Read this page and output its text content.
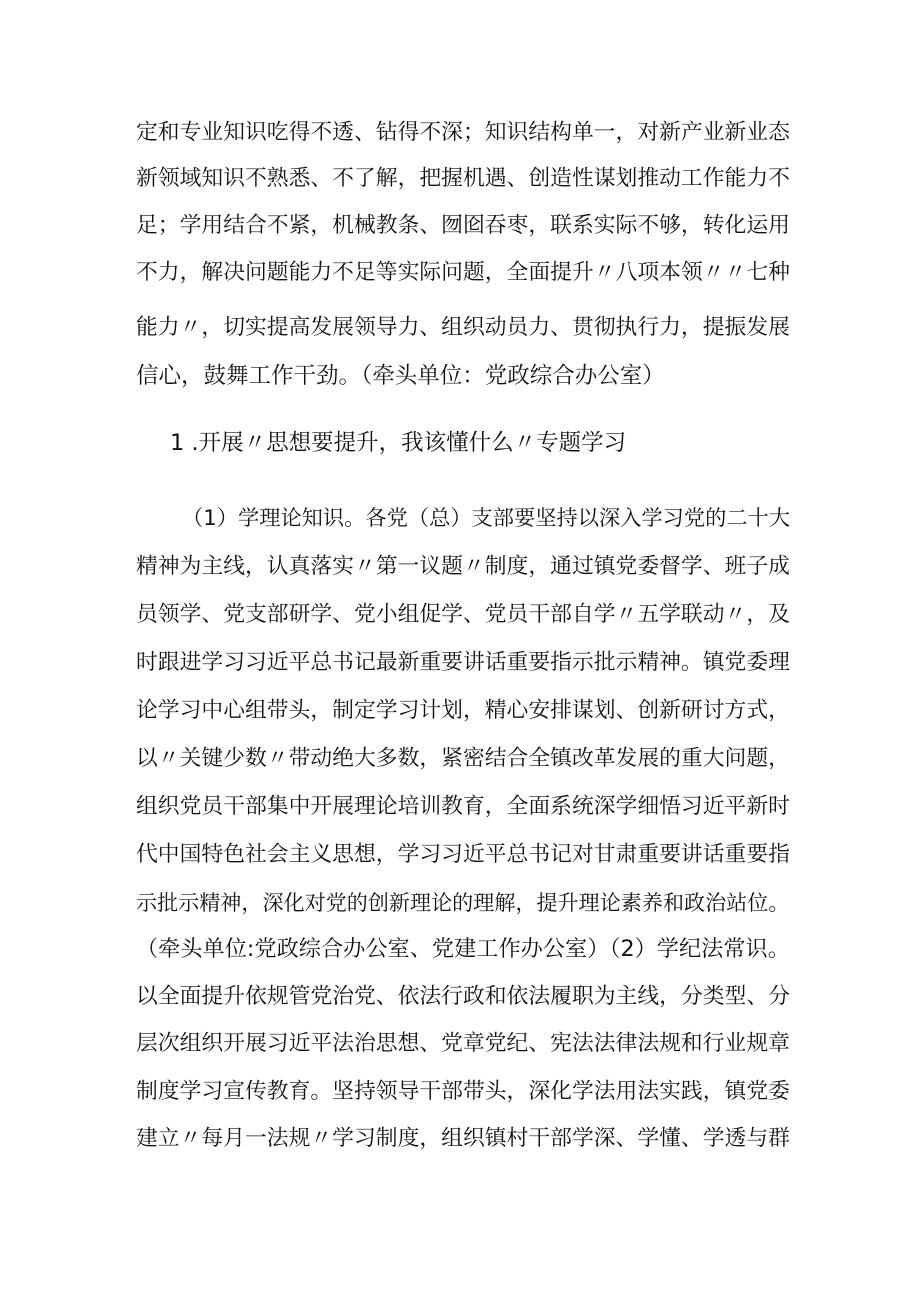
定和专业知识吃得不透、钻得不深；知识结构单一，对新产业新业态
新领域知识不熟悉、不了解，把握机遇、创造性谋划推动工作能力不
足；学用结合不紧，机械教条、囫囵吞枣，联系实际不够，转化运用
不力，解决问题能力不足等实际问题，全面提升〃八项本领〃〃七种
能力〃，切实提高发展领导力、组织动员力、贯彻执行力，提振发展
信心，鼓舞工作干劲。（牵头单位：党政综合办公室）
1 .开展〃思想要提升，我该懂什么〃专题学习
（1）学理论知识。各党（总）支部要坚持以深入学习党的二十大
精神为主线，认真落实〃第一议题〃制度，通过镇党委督学、班子成
员领学、党支部研学、党小组促学、党员干部自学〃五学联动〃，及
时跟进学习习近平总书记最新重要讲话重要指示批示精神。镇党委理
论学习中心组带头，制定学习计划，精心安排谋划、创新研讨方式，
以〃关键少数〃带动绝大多数，紧密结合全镇改革发展的重大问题，
组织党员干部集中开展理论培训教育，全面系统深学细悟习近平新时
代中国特色社会主义思想，学习习近平总书记对甘肃重要讲话重要指
示批示精神，深化对党的创新理论的理解，提升理论素养和政治站位。
（牵头单位:党政综合办公室、党建工作办公室）（2）学纪法常识。
以全面提升依规管党治党、依法行政和依法履职为主线，分类型、分
层次组织开展习近平法治思想、党章党纪、宪法法律法规和行业规章
制度学习宣传教育。坚持领导干部带头，深化学法用法实践，镇党委
建立〃每月一法规〃学习制度，组织镇村干部学深、学懂、学透与群
